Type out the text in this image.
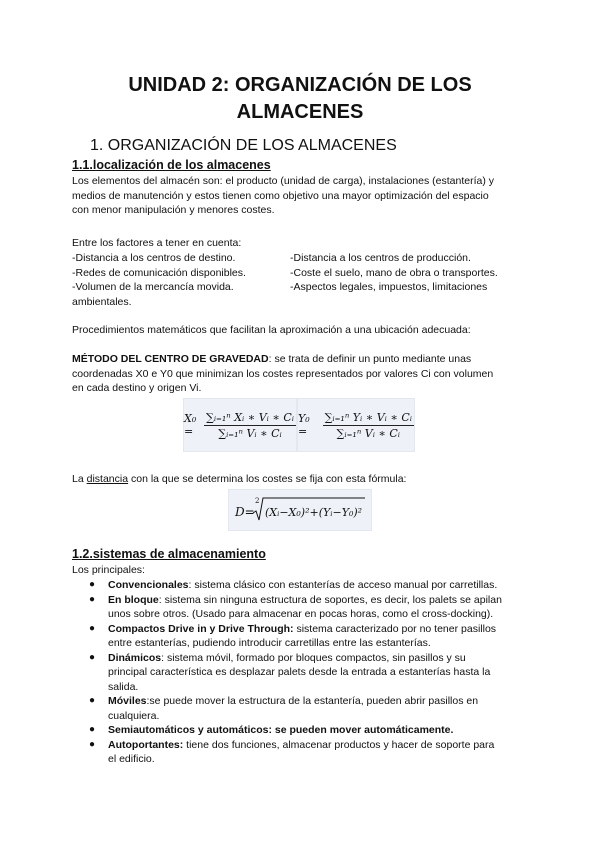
UNIDAD 2: ORGANIZACIÓN DE LOS
ALMACENES
1. ORGANIZACIÓN DE LOS ALMACENES
1.1.localización de los almacenes
Los elementos del almacén son: el producto (unidad de carga), instalaciones (estantería) y
medios de manutención y estos tienen como objetivo una mayor optimización del espacio
con menor manipulación y menores costes.
Entre los factores a tener en cuenta:
-Distancia a los centros de destino.	-Distancia a los centros de producción.
-Redes de comunicación disponibles.	-Coste el suelo, mano de obra o transportes.
-Volumen de la mercancía movida.	-Aspectos legales, impuestos, limitaciones
ambientales.
Procedimientos matemáticos que facilitan la aproximación a una ubicación adecuada:
MÉTODO DEL CENTRO DE GRAVEDAD: se trata de definir un punto mediante unas
coordenadas X0 e Y0 que minimizan los costes representados por valores Ci con volumen
en cada destino y origen Vi.
$X_0 = \frac{\text{∑ᵢ₌₁ⁿ Xᵢ ∗ Vᵢ ∗ Cᵢ}}{\text{∑ᵢ₌₁ⁿ Vᵢ ∗ Cᵢ}} Y_0$ =	$\frac{\text{∑ᵢ₌₁ⁿ Yᵢ ∗ Vᵢ ∗ Cᵢ}}{\text{∑ᵢ₌₁ⁿ Vᵢ ∗ Cᵢ}}$
La distancia con la que se determina los costes se fija con esta fórmula:
D=
2
(Xᵢ−X₀)²+(Yᵢ−Y₀)²
1.2.sistemas de almacenamiento
Los principales:
● Convencionales: sistema clásico con estanterías de acceso manual por carretillas.
● En bloque: sistema sin ninguna estructura de soportes, es decir, los palets se apilan
unos sobre otros. (Usado para almacenar en pocas horas, como el cross-docking).
● Compactos Drive in y Drive Through: sistema caracterizado por no tener pasillos
entre estanterías, pudiendo introducir carretillas entre las estanterías.
● Dinámicos: sistema móvil, formado por bloques compactos, sin pasillos y su
principal característica es desplazar palets desde la entrada a estanterías hasta la
salida.
● Móviles:se puede mover la estructura de la estantería, pueden abrir pasillos en
cualquiera.
● Semiautomáticos y automáticos: se pueden mover automáticamente.
● Autoportantes: tiene dos funciones, almacenar productos y hacer de soporte para
el edificio.
